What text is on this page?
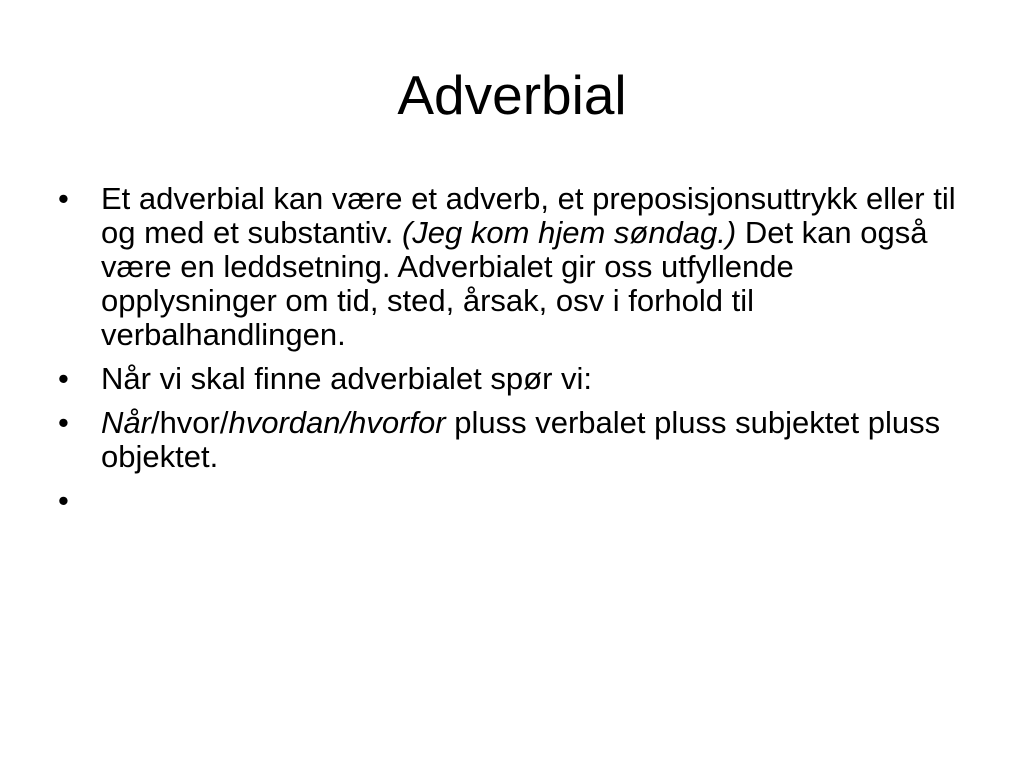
Adverbial
•	Et adverbial kan være et adverb, et preposisjonsuttrykk eller til og med et substantiv. (Jeg kom hjem søndag.) Det kan også være en leddsetning. Adverbialet gir oss utfyllende opplysninger om tid, sted, årsak, osv i forhold til verbalhandlingen.
•	Når vi skal finne adverbialet spør vi:
•	Når/hvor/hvordan/hvorfor pluss verbalet pluss subjektet pluss objektet.
•
